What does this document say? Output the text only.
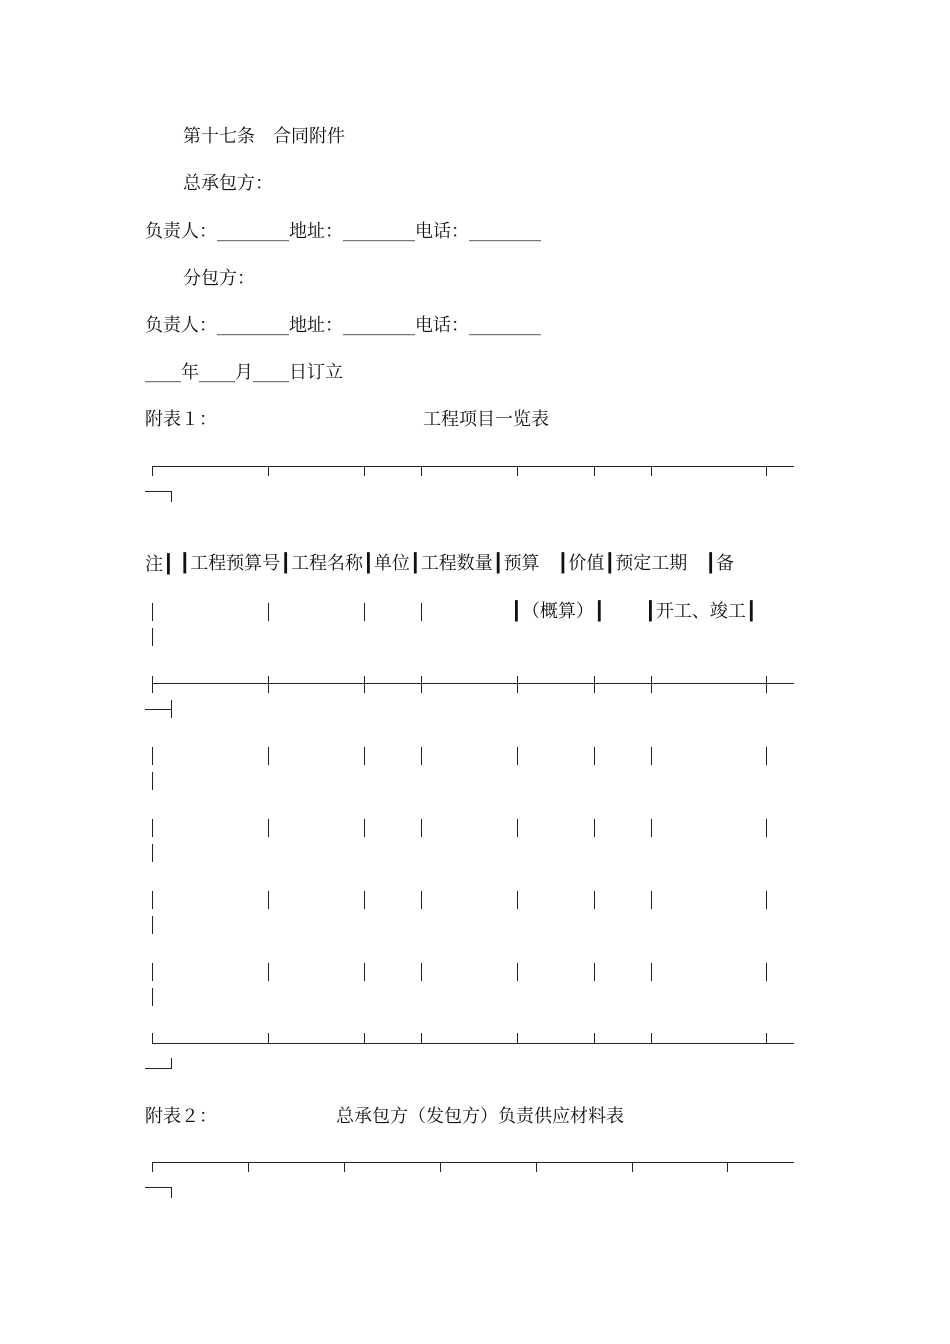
第十七条　合同附件
总承包方：
负责人：________地址：________电话：________
分包方：
负责人：________地址：________电话：________
____年____月____日订立
附表１：	工程项目一览表

┃工程预算号┃工程名称┃单位┃工程数量┃预算　┃价值┃预定工期　┃备

注┃
┃（概算）┃ ┃开工、竣工┃
附表２：	总承包方（发包方）负责供应材料表
